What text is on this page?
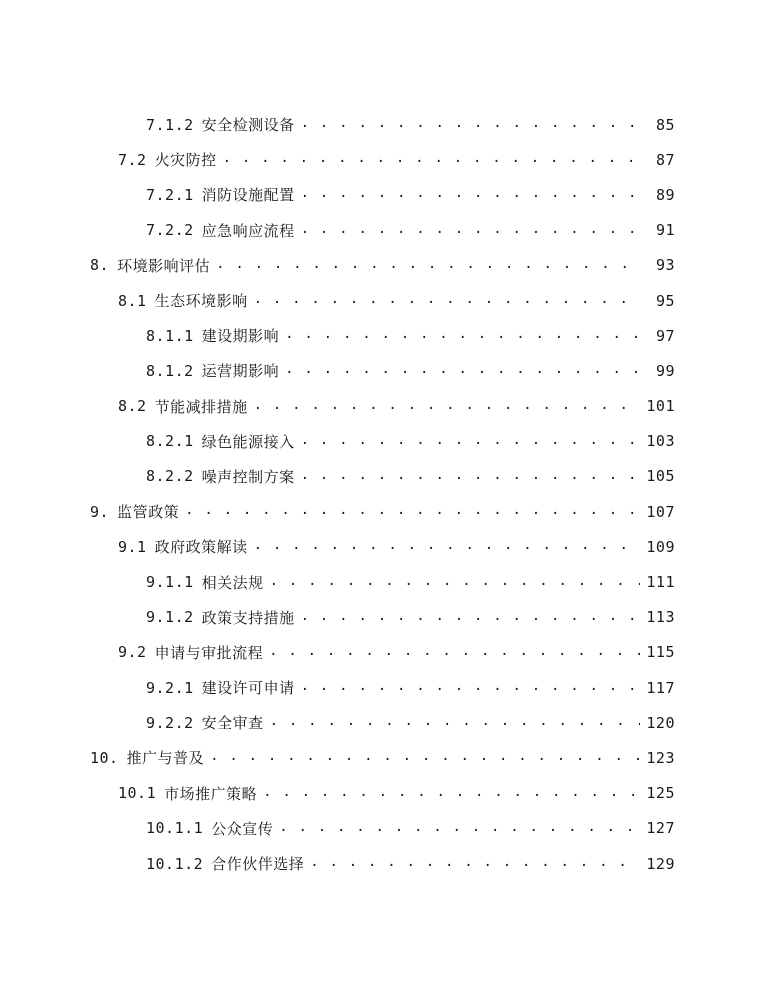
7.1.2 安全检测设备 . . .	85
7.2 火灾防控 . . .	87
7.2.1 消防设施配置 . . .	89
7.2.2 应急响应流程 . . .	91
8. 环境影响评估 . . .	93
8.1 生态环境影响 . . .	95
8.1.1 建设期影响 . . .	97
8.1.2 运营期影响 . . .	99
8.2 节能减排措施 . . .	101
8.2.1 绿色能源接入 . . .	103
8.2.2 噪声控制方案 . . .	105
9. 监管政策 . . .	107
9.1 政府政策解读 . . .	109
9.1.1 相关法规 . . .	111
9.1.2 政策支持措施 . . .	113
9.2 申请与审批流程 . . .	115
9.2.1 建设许可申请 . . .	117
9.2.2 安全审查 . . .	120
10. 推广与普及 . . .	123
10.1 市场推广策略 . . .	125
10.1.1 公众宣传 . . .	127
10.1.2 合作伙伴选择 . . .	129
